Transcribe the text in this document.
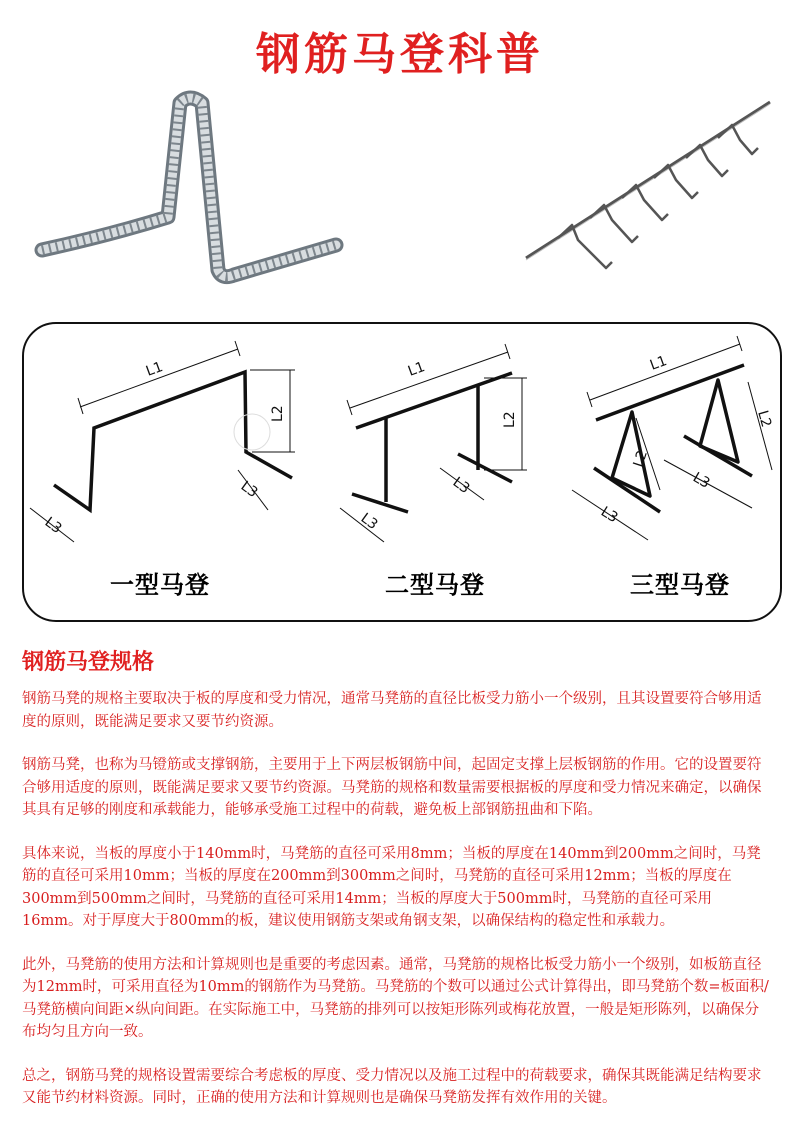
钢筋马登科普
L1
L2
L3
L3
L1
L2
L3
L3
L1
L2
L2
L3
L3
一型马登	二型马登	三型马登
钢筋马登规格

钢筋马凳的规格主要取决于板的厚度和受力情况，通常马凳筋的直径比板受力筋小一个级别，且其设置要符合够用适度的原则，既能满足要求又要节约资源。

钢筋马凳，也称为马镫筋或支撑钢筋，主要用于上下两层板钢筋中间，起固定支撑上层板钢筋的作用。它的设置要符合够用适度的原则，既能满足要求又要节约资源。马凳筋的规格和数量需要根据板的厚度和受力情况来确定，以确保其具有足够的刚度和承载能力，能够承受施工过程中的荷载，避免板上部钢筋扭曲和下陷。

具体来说，当板的厚度小于140mm时，马凳筋的直径可采用8mm；当板的厚度在140mm到200mm之间时，马凳筋的直径可采用10mm；当板的厚度在200mm到300mm之间时，马凳筋的直径可采用12mm；当板的厚度在300mm到500mm之间时，马凳筋的直径可采用14mm；当板的厚度大于500mm时，马凳筋的直径可采用16mm。对于厚度大于800mm的板，建议使用钢筋支架或角钢支架，以确保结构的稳定性和承载力。

此外，马凳筋的使用方法和计算规则也是重要的考虑因素。通常，马凳筋的规格比板受力筋小一个级别，如板筋直径为12mm时，可采用直径为10mm的钢筋作为马凳筋。马凳筋的个数可以通过公式计算得出，即马凳筋个数=板面积/马凳筋横向间距×纵向间距。在实际施工中，马凳筋的排列可以按矩形陈列或梅花放置，一般是矩形陈列，以确保分布均匀且方向一致。

总之，钢筋马凳的规格设置需要综合考虑板的厚度、受力情况以及施工过程中的荷载要求，确保其既能满足结构要求又能节约材料资源。同时，正确的使用方法和计算规则也是确保马凳筋发挥有效作用的关键。
